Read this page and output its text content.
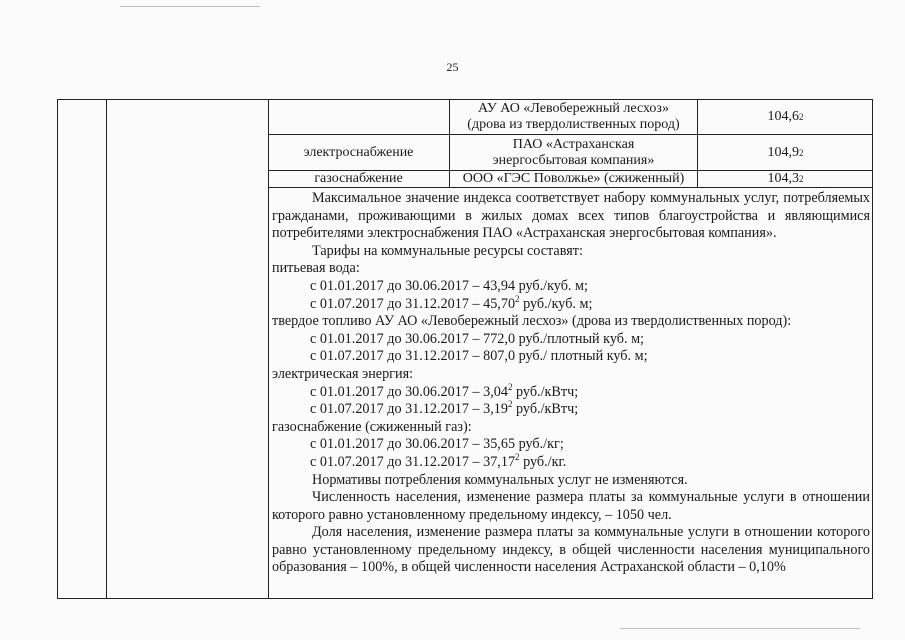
25
АУ АО «Левобережный лесхоз» (дрова из твердолиственных пород)
104,6 2
электроснабжение
ПАО «Астраханская энергосбытовая компания»
104,9 2
газоснабжение	ООО «ГЭС Поволжье» (сжиженный)	104,3 2

Максимальное значение индекса соответствует набору коммунальных услуг, потребляемых гражданами, проживающими в жилых домах всех типов благоустройства и являющимися потребителями электроснабжения ПАО «Астраханская энергосбытовая компания».

Тарифы на коммунальные ресурсы составят:

питьевая вода:

с 01.01.2017 до 30.06.2017 – 43,94 руб./куб. м;

с 01.07.2017 до 31.12.2017 – 45,70$^2$ руб./куб. м;

твердое топливо АУ АО «Левобережный лесхоз» (дрова из твердолиственных пород):

с 01.01.2017 до 30.06.2017 – 772,0 руб./плотный куб. м;

с 01.07.2017 до 31.12.2017 – 807,0 руб./ плотный куб. м;

электрическая энергия:

с 01.01.2017 до 30.06.2017 – 3,04$^2$ руб./кВтч;

с 01.07.2017 до 31.12.2017 – 3,19$^2$ руб./кВтч;

газоснабжение (сжиженный газ):

с 01.01.2017 до 30.06.2017 – 35,65 руб./кг;

с 01.07.2017 до 31.12.2017 – 37,17$^2$ руб./кг.

Нормативы потребления коммунальных услуг не изменяются.

Численность населения, изменение размера платы за коммунальные услуги в отношении которого равно установленному предельному индексу, – 1050 чел.

Доля населения, изменение размера платы за коммунальные услуги в отношении которого равно установленному предельному индексу, в общей численности населения муниципального образования – 100%, в общей численности населения Астраханской области – 0,10%
